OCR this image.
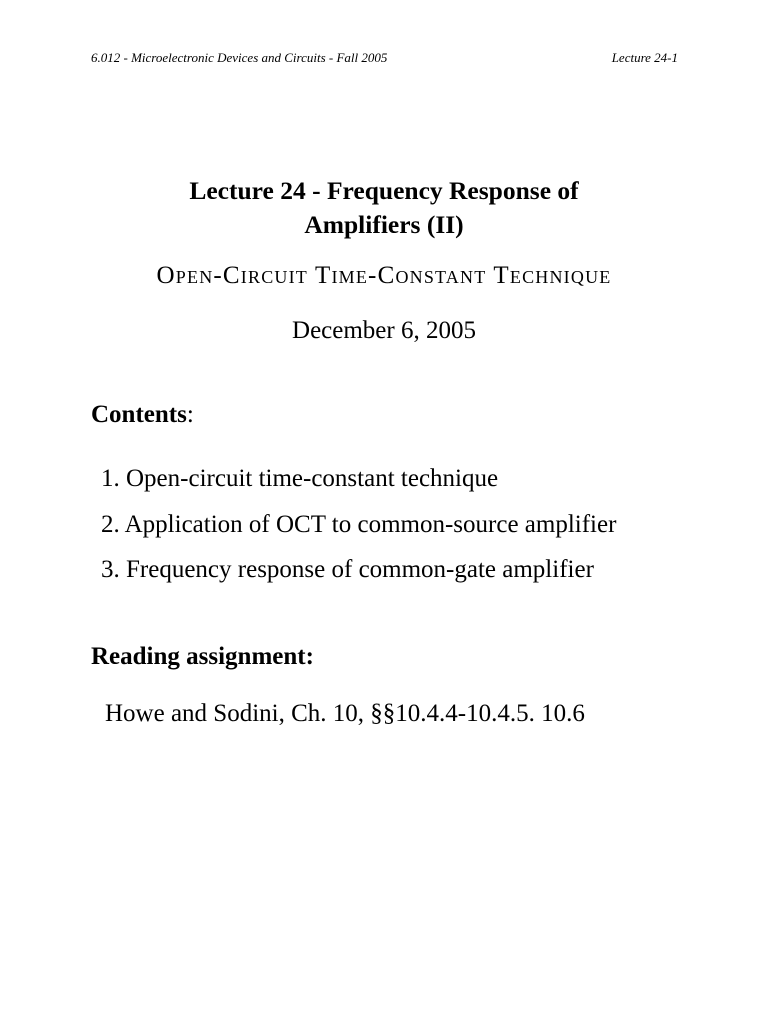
6.012 - Microelectronic Devices and Circuits - Fall 2005	Lecture 24-1
Lecture 24 - Frequency Response of
Amplifiers (II)
Open-Circuit Time-Constant Technique
December 6, 2005
Contents:
1. Open-circuit time-constant technique
2. Application of OCT to common-source amplifier
3. Frequency response of common-gate amplifier
Reading assignment:
Howe and Sodini, Ch. 10, §§10.4.4-10.4.5. 10.6
